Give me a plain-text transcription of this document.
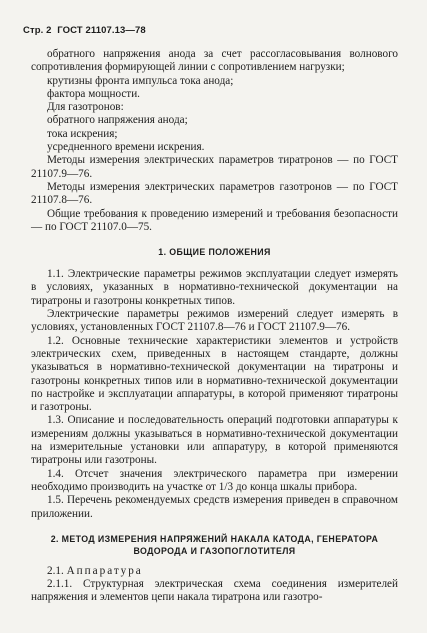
Стр. 2 ГОСТ 21107.13—78

обратного напряжения анода за счет рассогласовывания волнового сопротивления формирующей линии с сопротивлением нагрузки;

крутизны фронта импульса тока анода;

фактора мощности.

Для газотронов:

обратного напряжения анода;

тока искрения;

усредненного времени искрения.

Методы измерения электрических параметров тиратронов — по ГОСТ 21107.9—76.

Методы измерения электрических параметров газотронов — по ГОСТ 21107.8—76.

Общие требования к проведению измерений и требования безопасности — по ГОСТ 21107.0—75.

1. ОБЩИЕ ПОЛОЖЕНИЯ

1.1. Электрические параметры режимов эксплуатации следует измерять в условиях, указанных в нормативно-технической документации на тиратроны и газотроны конкретных типов.

Электрические параметры режимов измерений следует измерять в условиях, установленных ГОСТ 21107.8—76 и ГОСТ 21107.9—76.

1.2. Основные технические характеристики элементов и устройств электрических схем, приведенных в настоящем стандарте, должны указываться в нормативно-технической документации на тиратроны и газотроны конкретных типов или в нормативно-технической документации по настройке и эксплуатации аппаратуры, в которой применяют тиратроны и газотроны.

1.3. Описание и последовательность операций подготовки аппаратуры к измерениям должны указываться в нормативно-технической документации на измерительные установки или аппаратуру, в которой применяются тиратроны или газотроны.

1.4. Отсчет значения электрического параметра при измерении необходимо производить на участке от 1/3 до конца шкалы прибора.

1.5. Перечень рекомендуемых средств измерения приведен в справочном приложении.

2. МЕТОД ИЗМЕРЕНИЯ НАПРЯЖЕНИЙ НАКАЛА КАТОДА, ГЕНЕРАТОРА ВОДОРОДА И ГАЗОПОГЛОТИТЕЛЯ

2.1. Аппаратура

2.1.1. Структурная электрическая схема соединения измерителей напряжения и элементов цепи накала тиратрона или газотро-
